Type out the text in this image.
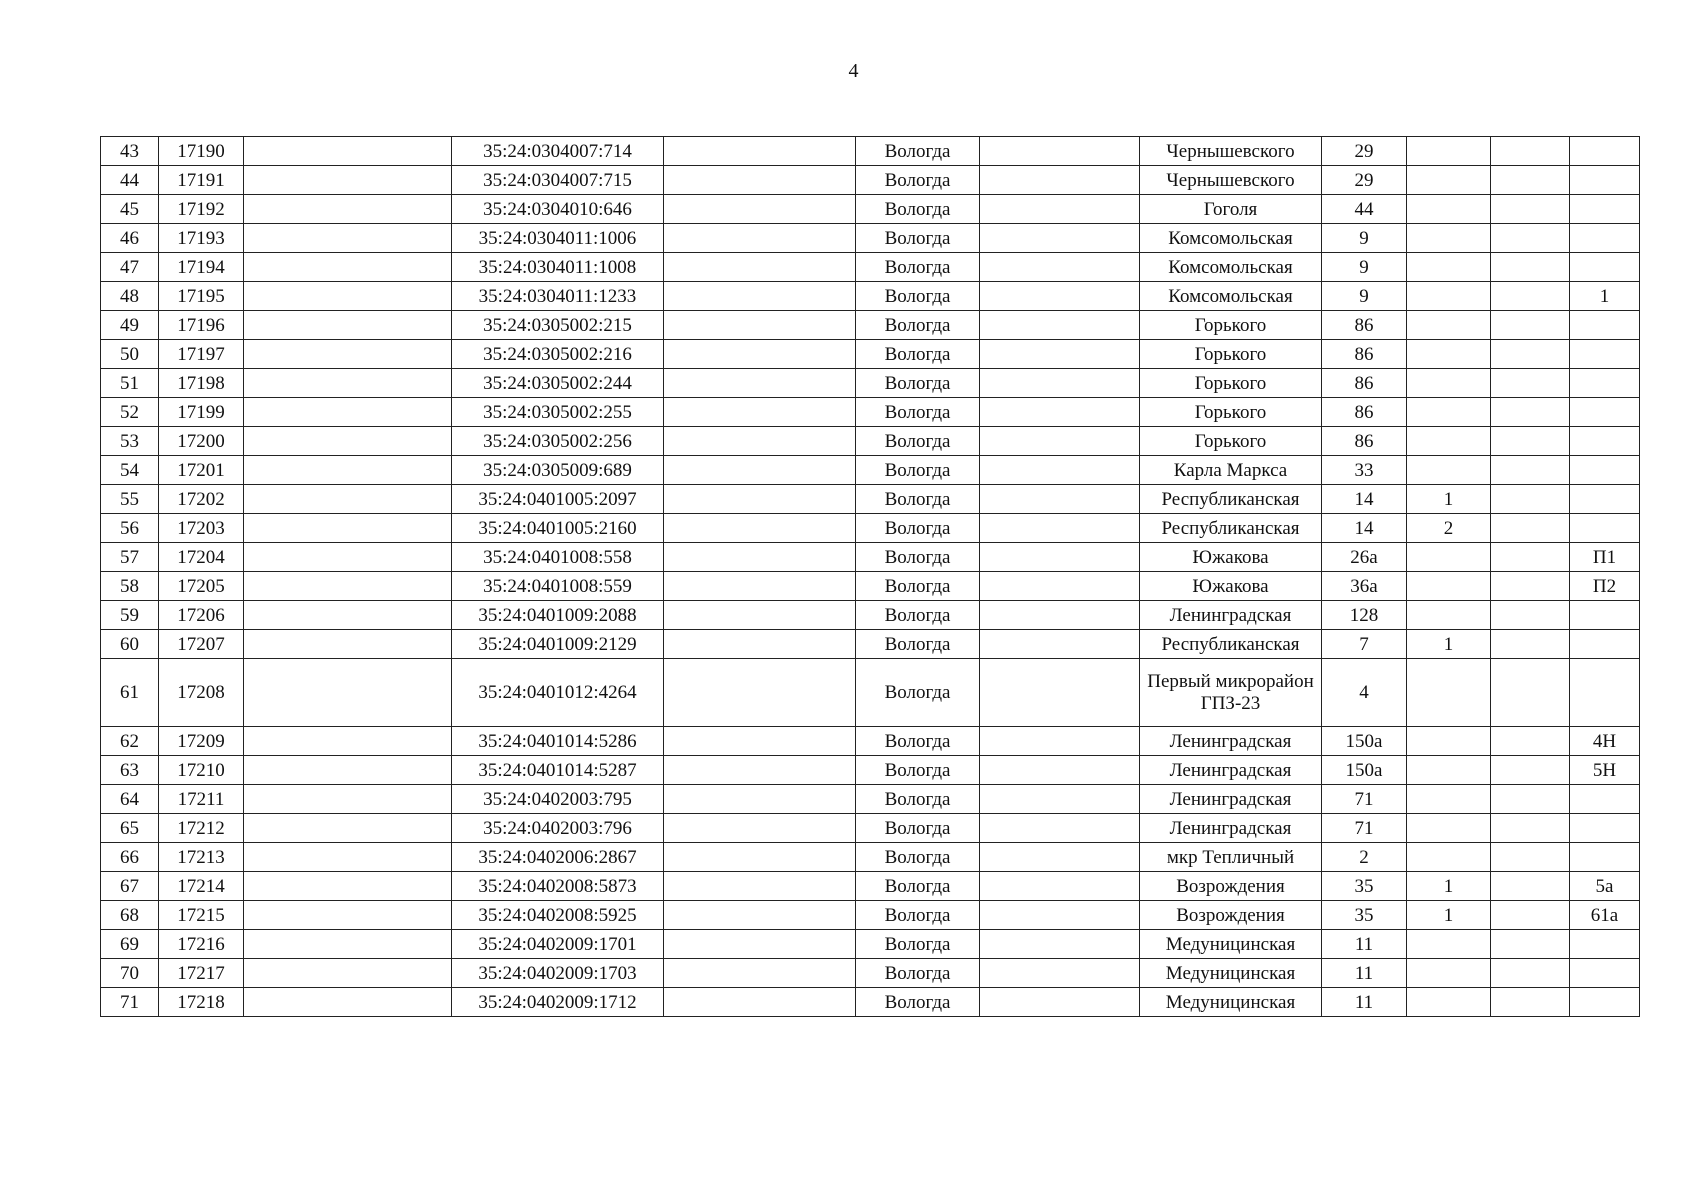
4
43	17190		35:24:0304007:714		Вологда		Чернышевского	29			
44	17191		35:24:0304007:715		Вологда		Чернышевского	29			
45	17192		35:24:0304010:646		Вологда		Гоголя	44			
46	17193		35:24:0304011:1006		Вологда		Комсомольская	9			
47	17194		35:24:0304011:1008		Вологда		Комсомольская	9			
48	17195		35:24:0304011:1233		Вологда		Комсомольская	9			1
49	17196		35:24:0305002:215		Вологда		Горького	86			
50	17197		35:24:0305002:216		Вологда		Горького	86			
51	17198		35:24:0305002:244		Вологда		Горького	86			
52	17199		35:24:0305002:255		Вологда		Горького	86			
53	17200		35:24:0305002:256		Вологда		Горького	86			
54	17201		35:24:0305009:689		Вологда		Карла Маркса	33			
55	17202		35:24:0401005:2097		Вологда		Республиканская	14	1		
56	17203		35:24:0401005:2160		Вологда		Республиканская	14	2		
57	17204		35:24:0401008:558		Вологда		Южакова	26а			П1
58	17205		35:24:0401008:559		Вологда		Южакова	36а			П2
59	17206		35:24:0401009:2088		Вологда		Ленинградская	128			
60	17207		35:24:0401009:2129		Вологда		Республиканская	7	1		
61	17208		35:24:0401012:4264		Вологда		Первый микрорайон ГПЗ-23	4			
62	17209		35:24:0401014:5286		Вологда		Ленинградская	150а			4Н
63	17210		35:24:0401014:5287		Вологда		Ленинградская	150а			5Н
64	17211		35:24:0402003:795		Вологда		Ленинградская	71			
65	17212		35:24:0402003:796		Вологда		Ленинградская	71			
66	17213		35:24:0402006:2867		Вологда		мкр Тепличный	2			
67	17214		35:24:0402008:5873		Вологда		Возрождения	35	1		5а
68	17215		35:24:0402008:5925		Вологда		Возрождения	35	1		61а
69	17216		35:24:0402009:1701		Вологда		Медуницинская	11			
70	17217		35:24:0402009:1703		Вологда		Медуницинская	11			
71	17218		35:24:0402009:1712		Вологда		Медуницинская	11			
